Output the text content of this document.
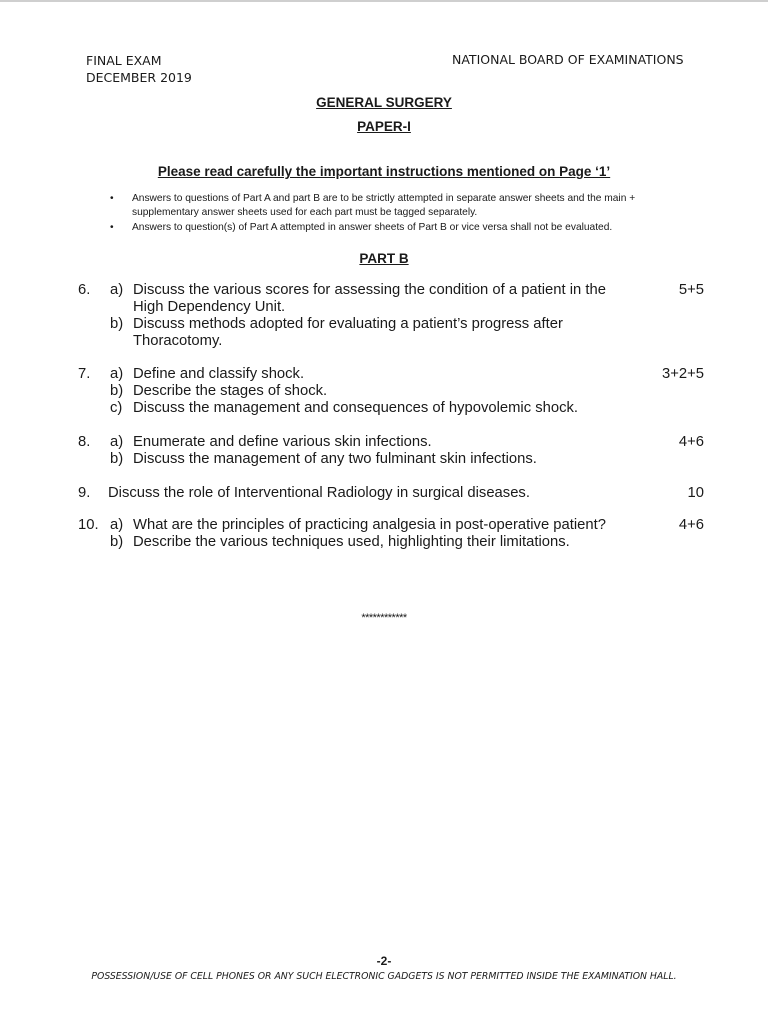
FINAL EXAM
DECEMBER 2019
NATIONAL BOARD OF EXAMINATIONS
GENERAL SURGERY
PAPER-I
Please read carefully the important instructions mentioned on Page ‘1’
• Answers to questions of Part A and part B are to be strictly attempted in separate answer sheets and the main + supplementary answer sheets used for each part must be tagged separately.
• Answers to question(s) of Part A attempted in answer sheets of Part B or vice versa shall not be evaluated.
PART B
6.	5+5
a) Discuss the various scores for assessing the condition of a patient in the High Dependency Unit.
b) Discuss methods adopted for evaluating a patient’s progress after Thoracotomy.
7.	3+2+5
a) Define and classify shock.
b) Describe the stages of shock.
c) Discuss the management and consequences of hypovolemic shock.
8.	4+6
a) Enumerate and define various skin infections.
b) Discuss the management of any two fulminant skin infections.
9. Discuss the role of Interventional Radiology in surgical diseases.	10
10.	4+6
a) What are the principles of practicing analgesia in post-operative patient?
b) Describe the various techniques used, highlighting their limitations.
************
-2-
POSSESSION/USE OF CELL PHONES OR ANY SUCH ELECTRONIC GADGETS IS NOT PERMITTED INSIDE THE EXAMINATION HALL.
